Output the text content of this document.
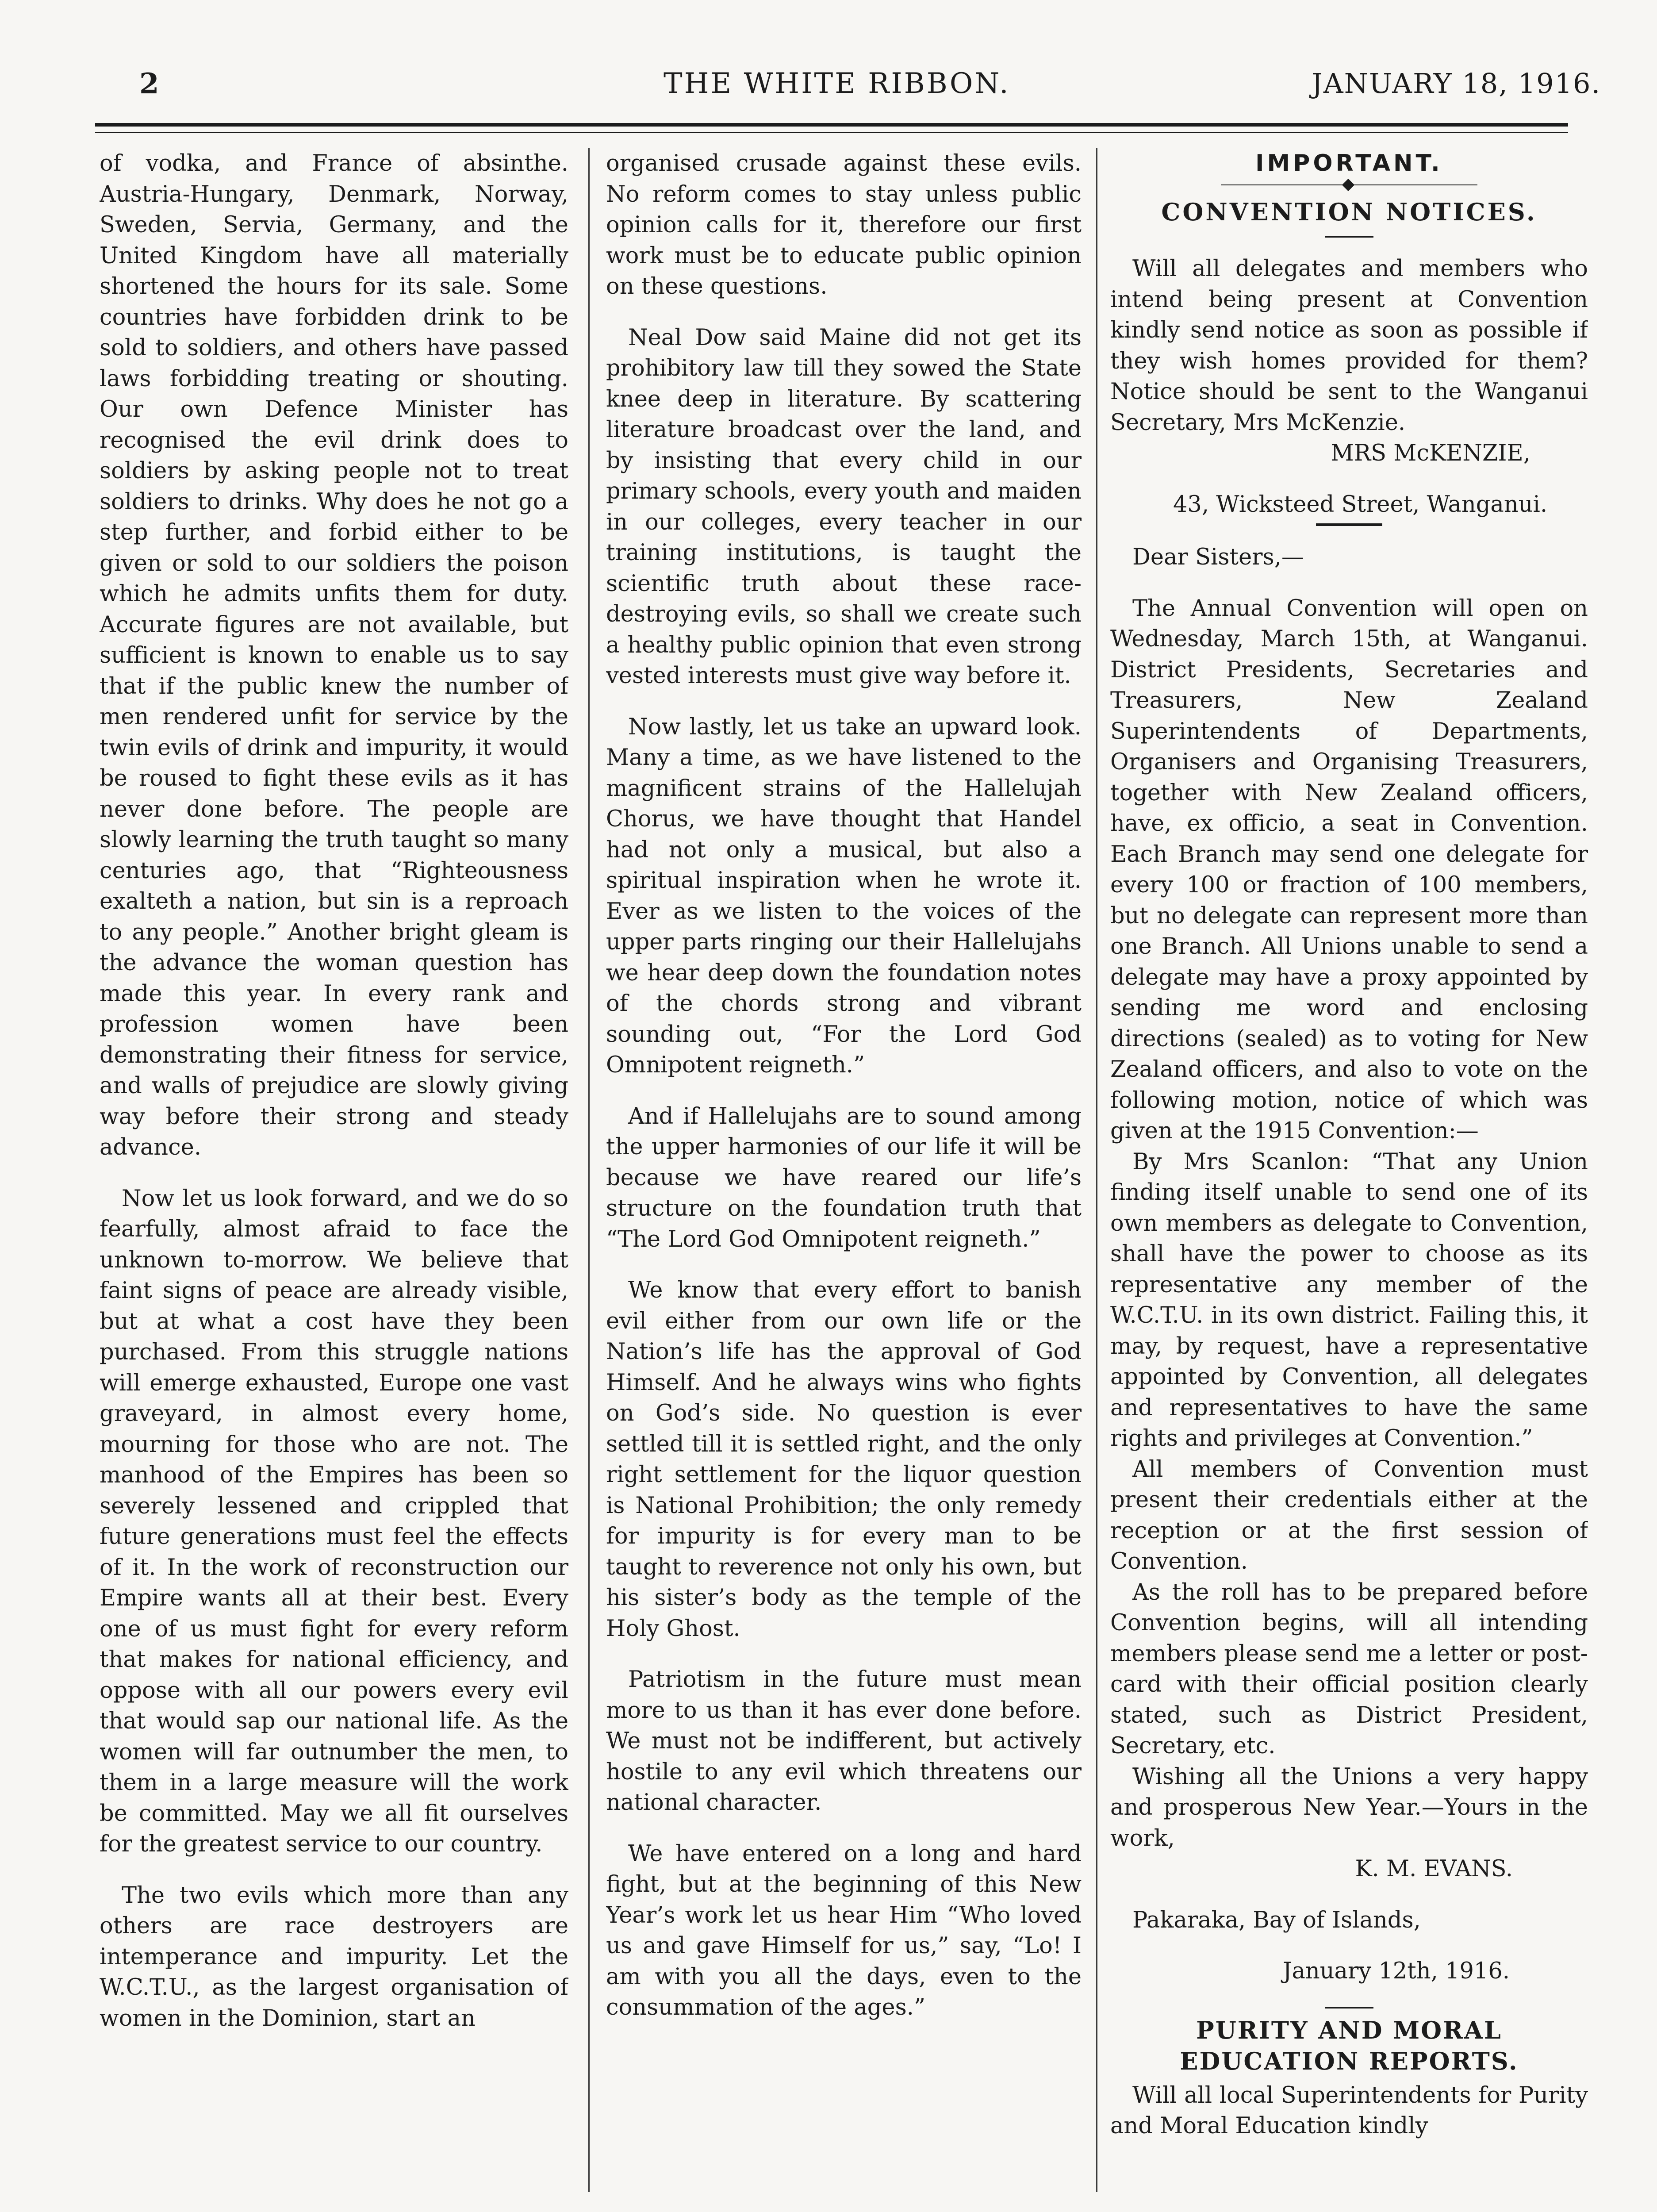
2	THE WHITE RIBBON.	JANUARY 18, 1916.

of vodka, and France of absinthe. Austria-Hungary, Denmark, Norway, Sweden, Servia, Germany, and the United Kingdom have all materially shortened the hours for its sale. Some countries have forbidden drink to be sold to soldiers, and others have passed laws forbidding treating or shouting. Our own Defence Minister has recognised the evil drink does to soldiers by asking people not to treat soldiers to drinks. Why does he not go a step further, and forbid either to be given or sold to our soldiers the poison which he admits unfits them for duty. Accurate figures are not available, but sufficient is known to enable us to say that if the public knew the number of men rendered unfit for service by the twin evils of drink and impurity, it would be roused to fight these evils as it has never done before. The people are slowly learning the truth taught so many centuries ago, that “Righteousness exalteth a nation, but sin is a reproach to any people.” Another bright gleam is the advance the woman question has made this year. In every rank and profession women have been demonstrating their fitness for service, and walls of prejudice are slowly giving way before their strong and steady advance.

Now let us look forward, and we do so fearfully, almost afraid to face the unknown to-morrow. We believe that faint signs of peace are already visible, but at what a cost have they been purchased. From this struggle nations will emerge exhausted, Europe one vast graveyard, in almost every home, mourning for those who are not. The manhood of the Empires has been so severely lessened and crippled that future generations must feel the effects of it. In the work of reconstruction our Empire wants all at their best. Every one of us must fight for every reform that makes for national efficiency, and oppose with all our powers every evil that would sap our national life. As the women will far outnumber the men, to them in a large measure will the work be committed. May we all fit ourselves for the greatest service to our country.

The two evils which more than any others are race destroyers are intemperance and impurity. Let the W.C.T.U., as the largest organisation of women in the Dominion, start an

organised crusade against these evils. No reform comes to stay unless public opinion calls for it, therefore our first work must be to educate public opinion on these questions.

Neal Dow said Maine did not get its prohibitory law till they sowed the State knee deep in literature. By scattering literature broadcast over the land, and by insisting that every child in our primary schools, every youth and maiden in our colleges, every teacher in our training institutions, is taught the scientific truth about these race-destroying evils, so shall we create such a healthy public opinion that even strong vested interests must give way before it.

Now lastly, let us take an upward look. Many a time, as we have listened to the magnificent strains of the Hallelujah Chorus, we have thought that Handel had not only a musical, but also a spiritual inspiration when he wrote it. Ever as we listen to the voices of the upper parts ringing our their Hallelujahs we hear deep down the foundation notes of the chords strong and vibrant sounding out, “For the Lord God Omnipotent reigneth.”

And if Hallelujahs are to sound among the upper harmonies of our life it will be because we have reared our life’s structure on the foundation truth that “The Lord God Omnipotent reigneth.”

We know that every effort to banish evil either from our own life or the Nation’s life has the approval of God Himself. And he always wins who fights on God’s side. No question is ever settled till it is settled right, and the only right settlement for the liquor question is National Prohibition; the only remedy for impurity is for every man to be taught to reverence not only his own, but his sister’s body as the temple of the Holy Ghost.

Patriotism in the future must mean more to us than it has ever done before. We must not be indifferent, but actively hostile to any evil which threatens our national character.

We have entered on a long and hard fight, but at the beginning of this New Year’s work let us hear Him “Who loved us and gave Himself for us,” say, “Lo! I am with you all the days, even to the consummation of the ages.”

IMPORTANT.
CONVENTION NOTICES.

Will all delegates and members who intend being present at Convention kindly send notice as soon as possible if they wish homes provided for them? Notice should be sent to the Wanganui Secretary, Mrs McKenzie.

MRS McKENZIE,

43, Wicksteed Street, Wanganui.

Dear Sisters,—

The Annual Convention will open on Wednesday, March 15th, at Wanganui. District Presidents, Secretaries and Treasurers, New Zealand Superintendents of Departments, Organisers and Organising Treasurers, together with New Zealand officers, have, ex officio, a seat in Convention. Each Branch may send one delegate for every 100 or fraction of 100 members, but no delegate can represent more than one Branch. All Unions unable to send a delegate may have a proxy appointed by sending me word and enclosing directions (sealed) as to voting for New Zealand officers, and also to vote on the following motion, notice of which was given at the 1915 Convention:—

By Mrs Scanlon: “That any Union finding itself unable to send one of its own members as delegate to Convention, shall have the power to choose as its representative any member of the W.C.T.U. in its own district. Failing this, it may, by request, have a representative appointed by Convention, all delegates and representatives to have the same rights and privileges at Convention.”

All members of Convention must present their credentials either at the reception or at the first session of Convention.

As the roll has to be prepared before Convention begins, will all intending members please send me a letter or post-card with their official position clearly stated, such as District President, Secretary, etc.

Wishing all the Unions a very happy and prosperous New Year.—Yours in the work,

K. M. EVANS.

Pakaraka, Bay of Islands,

January 12th, 1916.

PURITY AND MORAL EDUCATION REPORTS.

Will all local Superintendents for Purity and Moral Education kindly
